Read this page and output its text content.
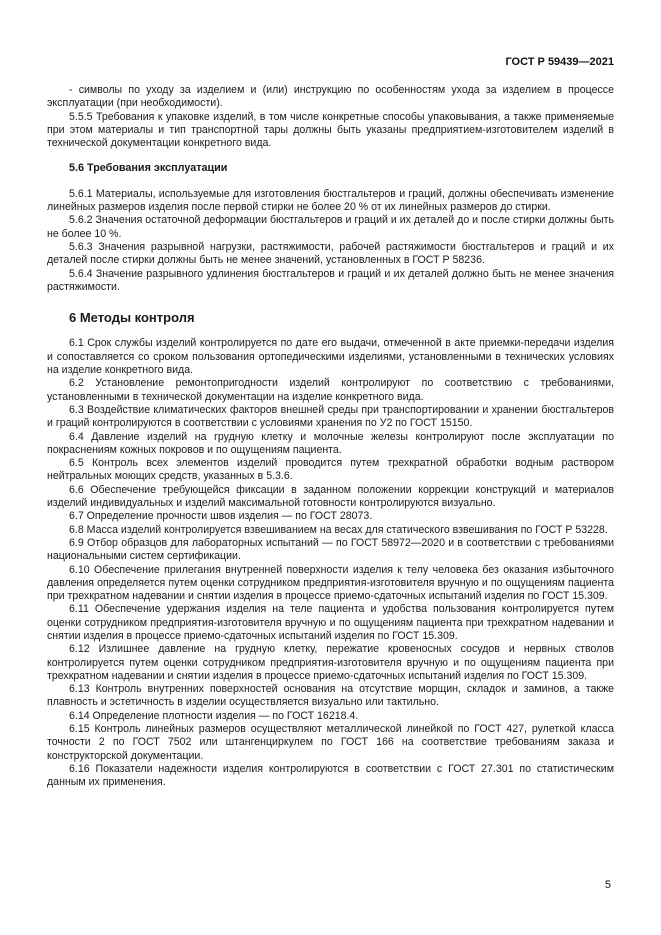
ГОСТ Р 59439—2021

- символы по уходу за изделием и (или) инструкцию по особенностям ухода за изделием в процессе эксплуатации (при необходимости).

5.5.5 Требования к упаковке изделий, в том числе конкретные способы упаковывания, а также применяемые при этом материалы и тип транспортной тары должны быть указаны предприятием-изготовителем изделий в технической документации конкретного вида.

5.6 Требования эксплуатации

5.6.1 Материалы, используемые для изготовления бюстгальтеров и граций, должны обеспечивать изменение линейных размеров изделия после первой стирки не более 20 % от их линейных размеров до стирки.

5.6.2 Значения остаточной деформации бюстгальтеров и граций и их деталей до и после стирки должны быть не более 10 %.

5.6.3 Значения разрывной нагрузки, растяжимости, рабочей растяжимости бюстгальтеров и граций и их деталей после стирки должны быть не менее значений, установленных в ГОСТ Р 58236.

5.6.4 Значение разрывного удлинения бюстгальтеров и граций и их деталей должно быть не менее значения растяжимости.

6 Методы контроля

6.1 Срок службы изделий контролируется по дате его выдачи, отмеченной в акте приемки-передачи изделия и сопоставляется со сроком пользования ортопедическими изделиями, установленными в технических условиях на изделие конкретного вида.

6.2 Установление ремонтопригодности изделий контролируют по соответствию с требованиями, установленными в технической документации на изделие конкретного вида.

6.3 Воздействие климатических факторов внешней среды при транспортировании и хранении бюстгальтеров и граций контролируются в соответствии с условиями хранения по У2 по ГОСТ 15150.

6.4 Давление изделий на грудную клетку и молочные железы контролируют после эксплуатации по покраснениям кожных покровов и по ощущениям пациента.

6.5 Контроль всех элементов изделий проводится путем трехкратной обработки водным раствором нейтральных моющих средств, указанных в 5.3.6.

6.6 Обеспечение требующейся фиксации в заданном положении коррекции конструкций и материалов изделий индивидуальных и изделий максимальной готовности контролируются визуально.

6.7 Определение прочности швов изделия — по ГОСТ 28073.

6.8 Масса изделий контролируется взвешиванием на весах для статического взвешивания по ГОСТ Р 53228.

6.9 Отбор образцов для лабораторных испытаний — по ГОСТ 58972—2020 и в соответствии с требованиями национальными систем сертификации.

6.10 Обеспечение прилегания внутренней поверхности изделия к телу человека без оказания избыточного давления определяется путем оценки сотрудником предприятия-изготовителя вручную и по ощущениям пациента при трехкратном надевании и снятии изделия в процессе приемо-сдаточных испытаний изделия по ГОСТ 15.309.

6.11 Обеспечение удержания изделия на теле пациента и удобства пользования контролируется путем оценки сотрудником предприятия-изготовителя вручную и по ощущениям пациента при трехкратном надевании и снятии изделия в процессе приемо-сдаточных испытаний изделия по ГОСТ 15.309.

6.12 Излишнее давление на грудную клетку, пережатие кровеносных сосудов и нервных стволов контролируется путем оценки сотрудником предприятия-изготовителя вручную и по ощущениям пациента при трехкратном надевании и снятии изделия в процессе приемо-сдаточных испытаний изделия по ГОСТ 15.309.

6.13 Контроль внутренних поверхностей основания на отсутствие морщин, складок и заминов, а также плавность и эстетичность в изделии осуществляется визуально или тактильно.

6.14 Определение плотности изделия — по ГОСТ 16218.4.

6.15 Контроль линейных размеров осуществляют металлической линейкой по ГОСТ 427, рулеткой класса точности 2 по ГОСТ 7502 или штангенциркулем по ГОСТ 166 на соответствие требованиям заказа и конструкторской документации.

6.16 Показатели надежности изделия контролируются в соответствии с ГОСТ 27.301 по статистическим данным их применения.

5
